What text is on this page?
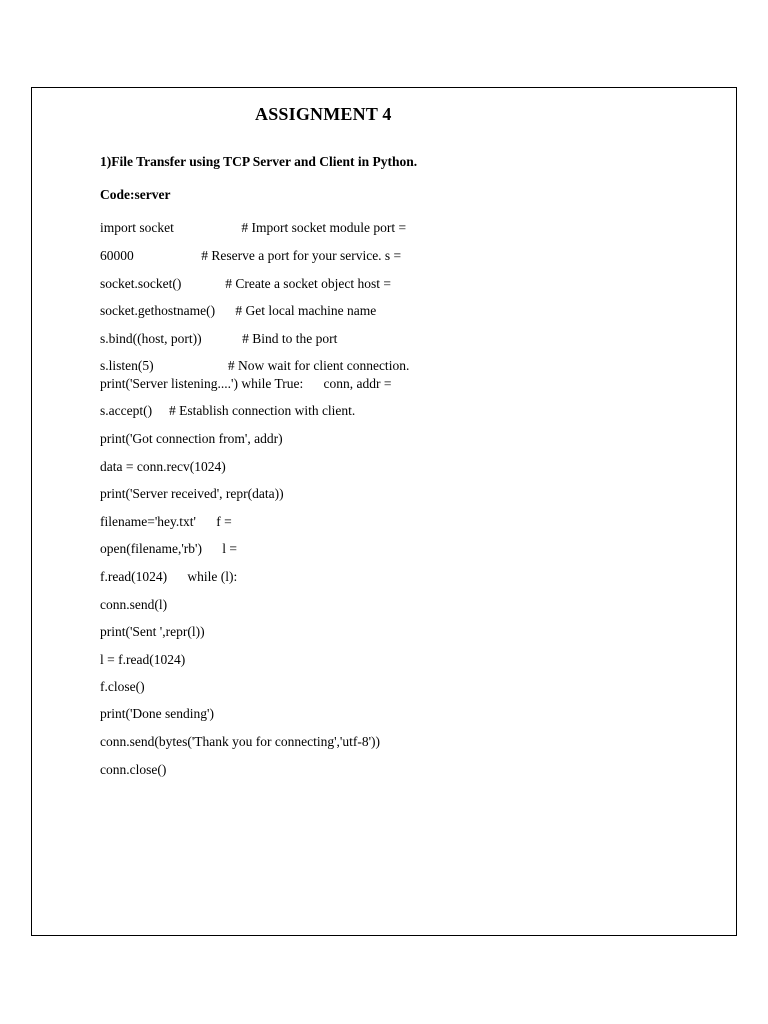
ASSIGNMENT 4
1)File Transfer using TCP Server and Client in Python.
Code:server
import socket                    # Import socket module port =
60000                    # Reserve a port for your service. s =
socket.socket()             # Create a socket object host =
socket.gethostname()      # Get local machine name
s.bind((host, port))            # Bind to the port
s.listen(5)                      # Now wait for client connection.
print('Server listening....') while True:      conn, addr =
s.accept()     # Establish connection with client.
print('Got connection from', addr)
data = conn.recv(1024)
print('Server received', repr(data))
filename='hey.txt'      f =
open(filename,'rb')      l =
f.read(1024)      while (l):
conn.send(l)
print('Sent ',repr(l))
l = f.read(1024)
f.close()
print('Done sending')
conn.send(bytes('Thank you for connecting','utf-8'))
conn.close()
